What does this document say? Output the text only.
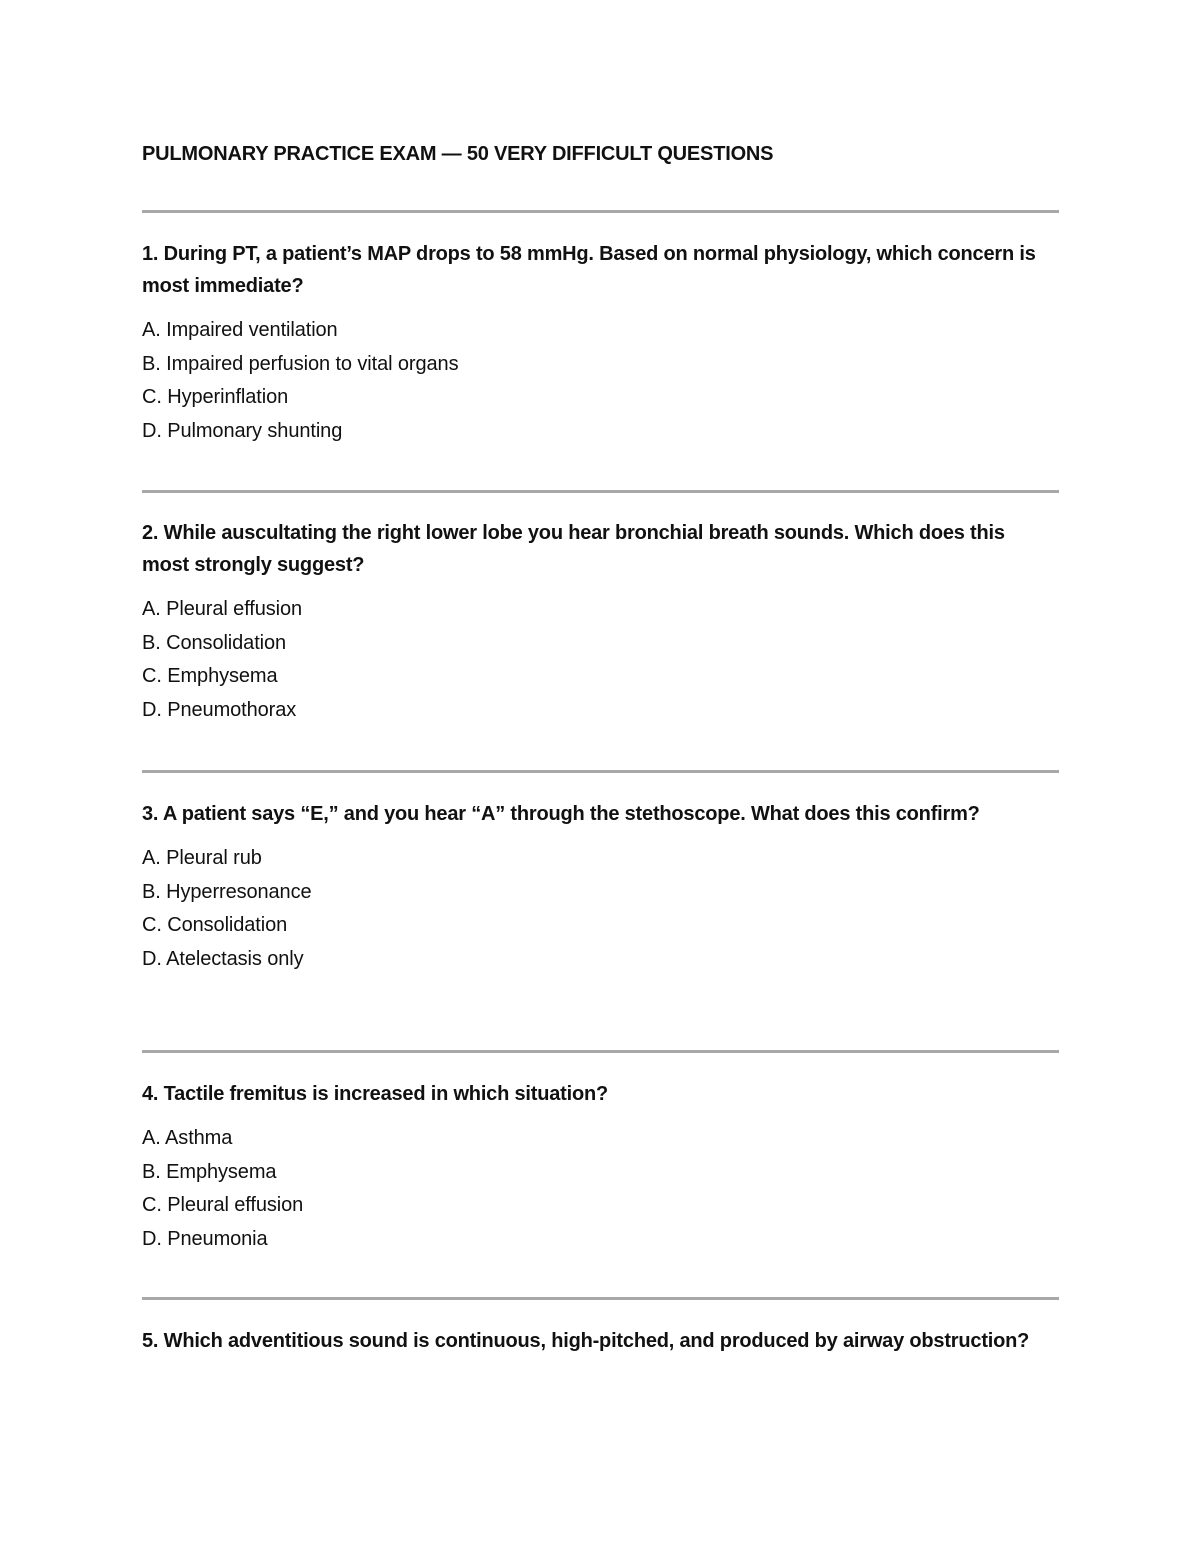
PULMONARY PRACTICE EXAM — 50 VERY DIFFICULT QUESTIONS

1. During PT, a patient’s MAP drops to 58 mmHg. Based on normal physiology, which concern is most immediate?

A. Impaired ventilation
B. Impaired perfusion to vital organs
C. Hyperinflation
D. Pulmonary shunting

2. While auscultating the right lower lobe you hear bronchial breath sounds. Which does this most strongly suggest?

A. Pleural effusion
B. Consolidation
C. Emphysema
D. Pneumothorax

3. A patient says “E,” and you hear “A” through the stethoscope. What does this confirm?

A. Pleural rub
B. Hyperresonance
C. Consolidation
D. Atelectasis only

4. Tactile fremitus is increased in which situation?

A. Asthma
B. Emphysema
C. Pleural effusion
D. Pneumonia

5. Which adventitious sound is continuous, high-pitched, and produced by airway obstruction?
